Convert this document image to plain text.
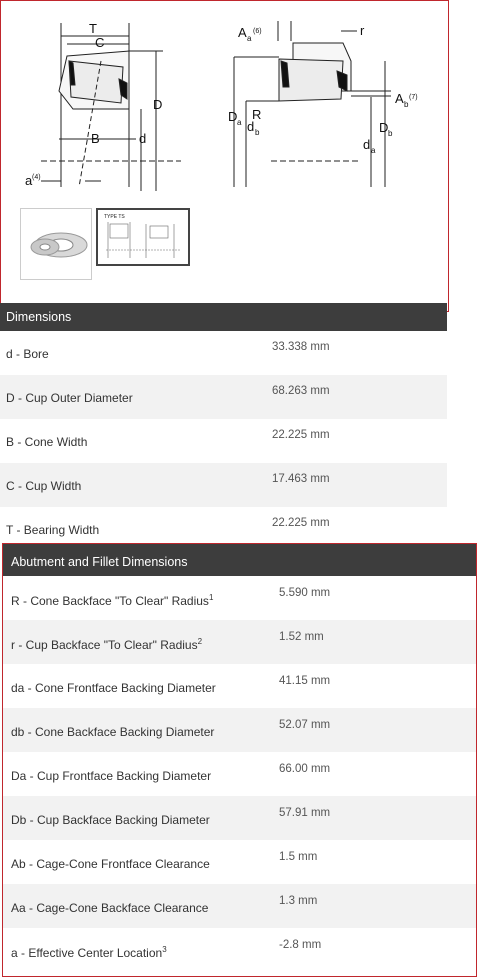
T
C
D
B	d
a (4)
A a
(6)	r
R
D a d b
A b
(7)
D b
d a
TYPE TS
Dimensions
d - Bore	33.338 mm
D - Cup Outer Diameter	68.263 mm
B - Cone Width	22.225 mm
C - Cup Width	17.463 mm
T - Bearing Width	22.225 mm
Abutment and Fillet Dimensions
R - Cone Backface "To Clear" Radius$^1$	5.590 mm
r - Cup Backface "To Clear" Radius$^2$	1.52 mm
da - Cone Frontface Backing Diameter	41.15 mm
db - Cone Backface Backing Diameter	52.07 mm
Da - Cup Frontface Backing Diameter	66.00 mm
Db - Cup Backface Backing Diameter	57.91 mm
Ab - Cage-Cone Frontface Clearance	1.5 mm
Aa - Cage-Cone Backface Clearance	1.3 mm
a - Effective Center Location$^3$	-2.8 mm
